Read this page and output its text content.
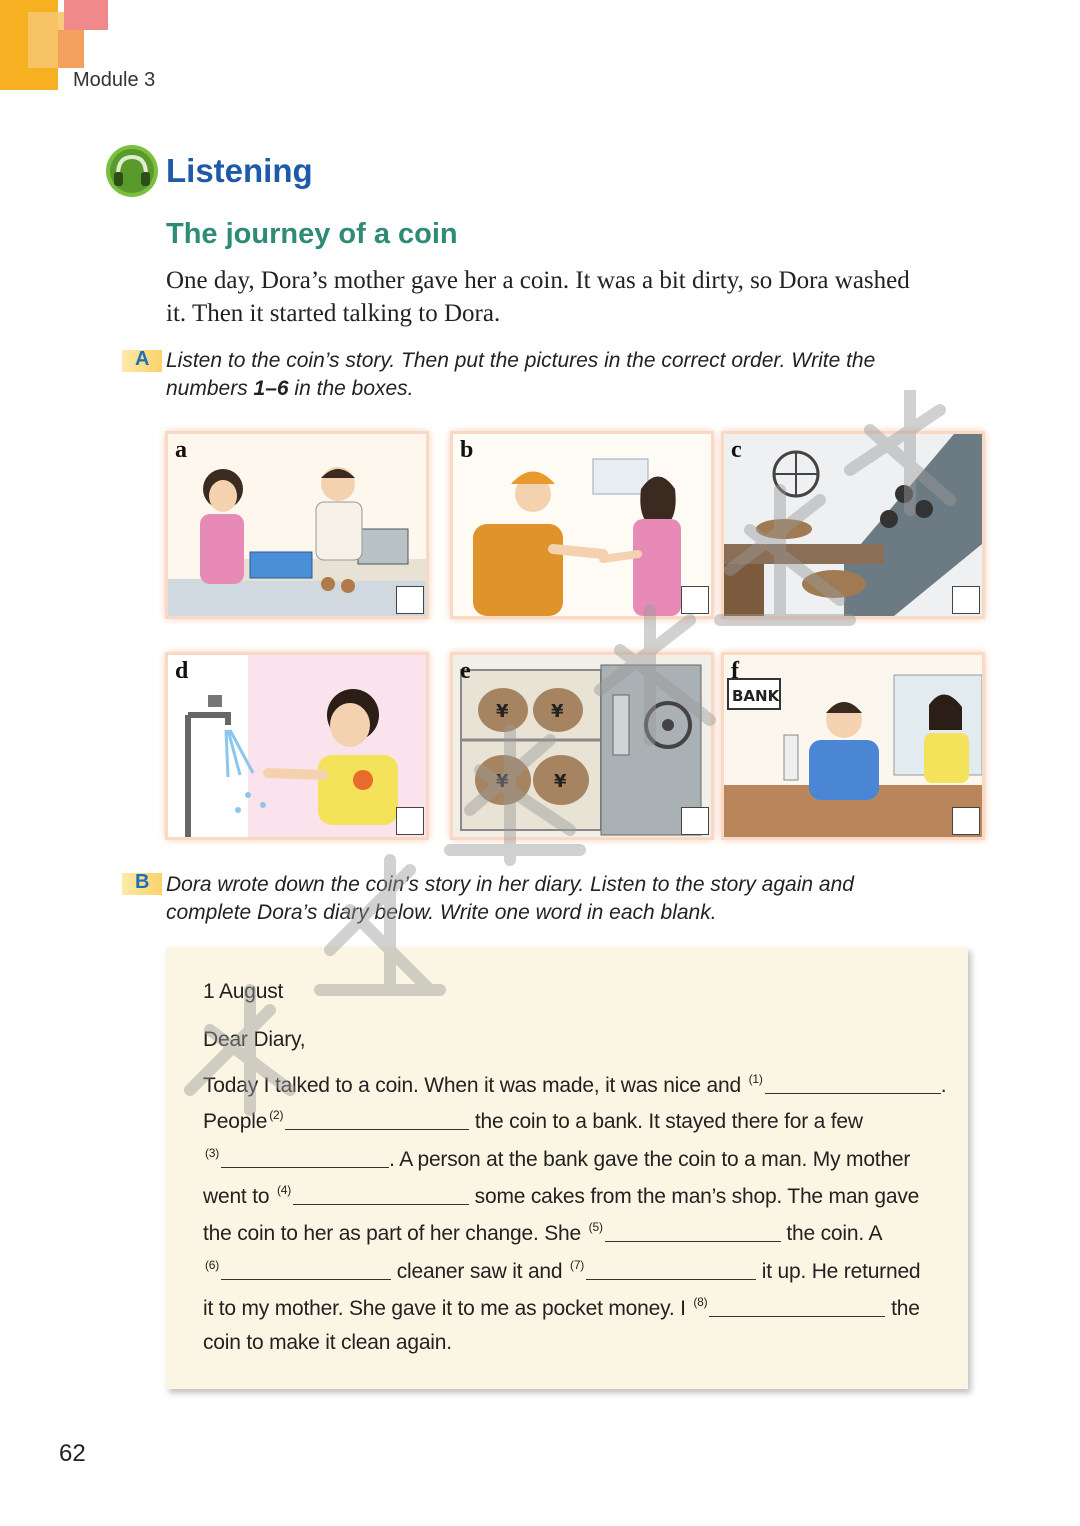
Module 3
Listening
The journey of a coin

One day, Dora’s mother gave her a coin. It was a bit dirty, so Dora washed it. Then it started talking to Dora.

A Listen to the coin’s story. Then put the pictures in the correct order. Write the
numbers 1–6 in the boxes.

a	b	c
d
¥ ¥
¥	¥
e
BANK
f
B Dora wrote down the coin’s story in her diary. Listen to the story again and
complete Dora’s diary below. Write one word in each blank.

1 August
Dear Diary,
Today I talked to a coin. When it was made, it was nice and $^{(1)}$	.
People $^{(2)}$	the coin to a bank. It stayed there for a few
$^{(3)}$	. A person at the bank gave the coin to a man. My mother
went to $^{(4)}$	some cakes from the man’s shop. The man gave
the coin to her as part of her change. She $^{(5)}$	the coin. A
$^{(6)}$	cleaner saw it and $^{(7)}$	it up. He returned
it to my mother. She gave it to me as pocket money. I $^{(8)}$	the
coin to make it clean again.
62
